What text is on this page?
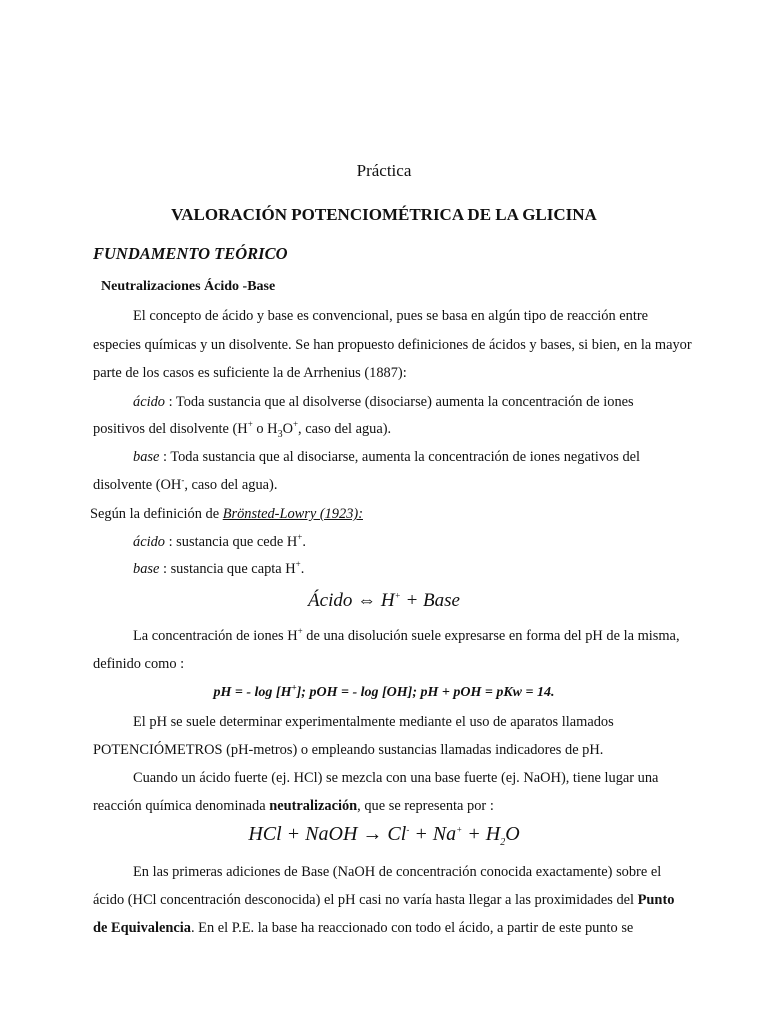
Práctica
VALORACIÓN POTENCIOMÉTRICA DE LA GLICINA
FUNDAMENTO TEÓRICO
Neutralizaciones Ácido -Base
El concepto de ácido y base es convencional, pues se basa en algún tipo de reacción entre
especies químicas y un disolvente. Se han propuesto definiciones de ácidos y bases, si bien, en la mayor
parte de los casos es suficiente la de Arrhenius (1887):
ácido : Toda sustancia que al disolverse (disociarse) aumenta la concentración de iones
positivos del disolvente (H+ o $H_3O^+$, caso del agua).
base : Toda sustancia que al disociarse, aumenta la concentración de iones negativos del
disolvente (OH-, caso del agua).
Según la definición de Brönsted-Lowry (1923):
ácido : sustancia que cede H+.
base : sustancia que capta H+.
Ácido ⇔ H+ + Base
La concentración de iones H+ de una disolución suele expresarse en forma del pH de la misma,
definido como :
pH = - log [H+]; pOH = - log [OH]; pH + pOH = pKw = 14.
El pH se suele determinar experimentalmente mediante el uso de aparatos llamados
POTENCIÓMETROS (pH-metros) o empleando sustancias llamadas indicadores de pH.
Cuando un ácido fuerte (ej. HCl) se mezcla con una base fuerte (ej. NaOH), tiene lugar una
reacción química denominada neutralización, que se representa por :
HCl + NaOH → $Cl^- + Na^+ + H_2O$
En las primeras adiciones de Base (NaOH de concentración conocida exactamente) sobre el
ácido (HCl concentración desconocida) el pH casi no varía hasta llegar a las proximidades del Punto
de Equivalencia. En el P.E. la base ha reaccionado con todo el ácido, a partir de este punto se
